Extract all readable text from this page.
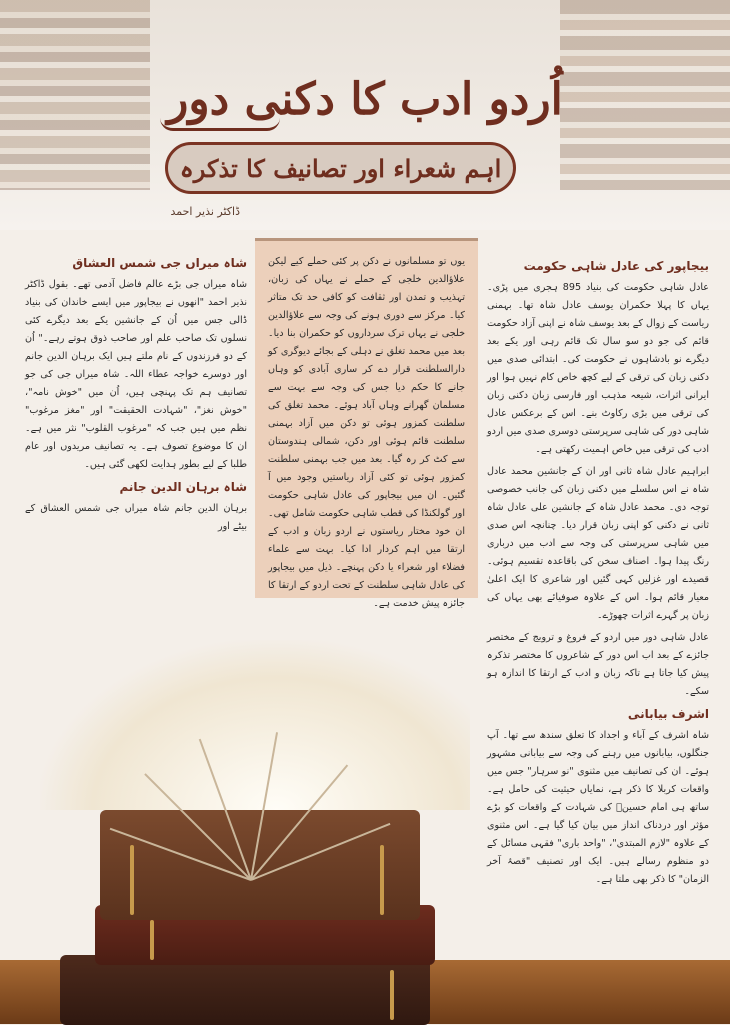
اُردو ادب کا دکنی دور
اہم شعراء اور تصانیف کا تذکرہ
ڈاکٹر نذیر احمد
بیجاپور کی عادل شاہی حکومت

عادل شاہی حکومت کی بنیاد 895 ہجری میں پڑی۔ یہاں کا پہلا حکمران یوسف عادل شاہ تھا۔ بہمنی ریاست کے زوال کے بعد یوسف شاہ نے اپنی آزاد حکومت قائم کی جو دو سو سال تک قائم رہی اور یکے بعد دیگرے نو بادشاہوں نے حکومت کی۔ ابتدائی صدی میں دکنی زبان کی ترقی کے لیے کچھ خاص کام نہیں ہوا اور ایرانی اثرات، شیعہ مذہب اور فارسی زبان دکنی زبان کی ترقی میں بڑی رکاوٹ بنے۔ اس کے برعکس عادل شاہی دور کی شاہی سرپرستی دوسری صدی میں اردو ادب کی ترقی میں خاص اہمیت رکھتی ہے۔

ابراہیم عادل شاہ ثانی اور ان کے جانشین محمد عادل شاہ نے اس سلسلے میں دکنی زبان کی جانب خصوصی توجہ دی۔ محمد عادل شاہ کے جانشین علی عادل شاہ ثانی نے دکنی کو اپنی زبان قرار دیا۔ چنانچہ اس صدی میں شاہی سرپرستی کی وجہ سے ادب میں درباری رنگ پیدا ہوا۔ اصناف سخن کی باقاعدہ تقسیم ہوئی۔ قصیدے اور غزلیں کہی گئیں اور شاعری کا ایک اعلیٰ معیار قائم ہوا۔ اس کے علاوہ صوفیائے بھی یہاں کی زبان پر گہرے اثرات چھوڑے۔

عادل شاہی دور میں اردو کے فروغ و ترویج کے مختصر جائزے کے بعد اب اس دور کے شاعروں کا مختصر تذکرہ پیش کیا جاتا ہے تاکہ زبان و ادب کے ارتقا کا اندازہ ہو سکے۔

اشرف بیابانی

شاہ اشرف کے آباء و اجداد کا تعلق سندھ سے تھا۔ آپ جنگلوں، بیابانوں میں رہنے کی وجہ سے بیابانی مشہور ہوئے۔ ان کی تصانیف میں مثنوی "نو سرہار" جس میں واقعات کربلا کا ذکر ہے، نمایاں حیثیت کی حامل ہے۔ ساتھ ہی امام حسینؓ کی شہادت کے واقعات کو بڑے مؤثر اور دردناک انداز میں بیان کیا گیا ہے۔ اس مثنوی کے علاوہ "لازم المبتدی"، "واحد باری" فقہی مسائل کے دو منظوم رسالے ہیں۔ ایک اور تصنیف "قصۂ آخر الزمان" کا ذکر بھی ملتا ہے۔

یوں تو مسلمانوں نے دکن پر کئی حملے کیے لیکن علاؤالدین خلجی کے حملے نے یہاں کی زبان، تہذیب و تمدن اور ثقافت کو کافی حد تک متاثر کیا۔ مرکز سے دوری ہونے کی وجہ سے علاؤالدین خلجی نے یہاں ترک سرداروں کو حکمران بنا دیا۔ بعد میں محمد تغلق نے دہلی کے بجائے دیوگری کو دارالسلطنت قرار دے کر ساری آبادی کو وہاں جانے کا حکم دیا جس کی وجہ سے بہت سے مسلمان گھرانے وہاں آباد ہوئے۔ محمد تغلق کی سلطنت کمزور ہوئی تو دکن میں آزاد بہمنی سلطنت قائم ہوئی اور دکن، شمالی ہندوستان سے کٹ کر رہ گیا۔ بعد میں جب بہمنی سلطنت کمزور ہوئی تو کئی آزاد ریاستیں وجود میں آ گئیں۔ ان میں بیجاپور کی عادل شاہی حکومت اور گولکنڈا کی قطب شاہی حکومت شامل تھی۔ ان خود مختار ریاستوں نے اردو زبان و ادب کے ارتقا میں اہم کردار ادا کیا۔ بہت سے علماء فضلاء اور شعراء یا دکن پہنچے۔ ذیل میں بیجاپور کی عادل شاہی سلطنت کے تحت اردو کے ارتقا کا جائزہ پیش خدمت ہے۔

شاہ میراں جی شمس العشاق

شاہ میراں جی بڑے عالم فاضل آدمی تھے۔ بقول ڈاکٹر نذیر احمد "انھوں نے بیجاپور میں ایسے خاندان کی بنیاد ڈالی جس میں اُن کے جانشین یکے بعد دیگرے کئی نسلوں تک صاحب علم اور صاحب ذوق ہوتے رہے۔" اُن کے دو فرزندوں کے نام ملتے ہیں ایک برہان الدین جانم اور دوسرے خواجہ عطاء اللہ۔ شاہ میراں جی کی جو تصانیف ہم تک پہنچی ہیں، اُن میں "خوش نامہ"، "خوش نغز"، "شہادت الحقیقت" اور "مغز مرغوب" نظم میں ہیں جب کہ "مرغوب القلوب" نثر میں ہے۔ ان کا موضوع تصوف ہے۔ یہ تصانیف مریدوں اور عام طلبا کے لیے بطور ہدایت لکھی گئی ہیں۔

شاہ برہان الدین جانم

برہان الدین جانم شاہ میراں جی شمس العشاق کے بیٹے اور
